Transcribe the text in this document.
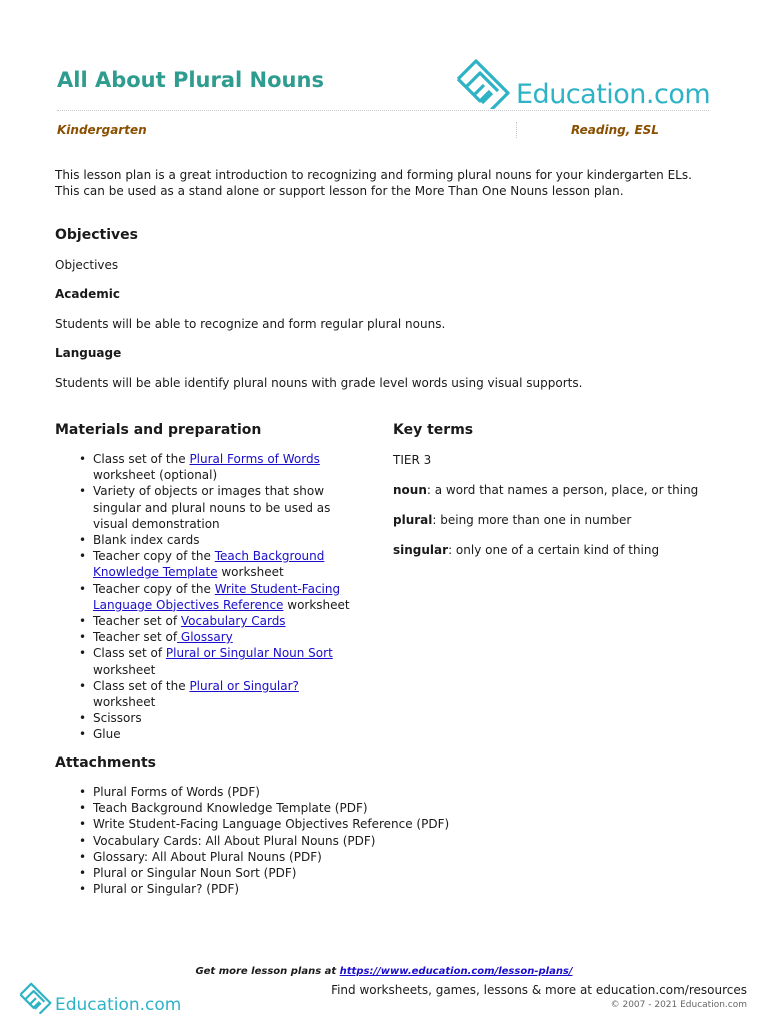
All About Plural Nouns	Education.com
Kindergarten	Reading, ESL

This lesson plan is a great introduction to recognizing and forming plural nouns for your kindergarten ELs. This can be used as a stand alone or support lesson for the More Than One Nouns lesson plan.

Objectives

Objectives

Academic

Students will be able to recognize and form regular plural nouns.

Language

Students will be able identify plural nouns with grade level words using visual supports.

Materials and preparation
• Class set of the Plural Forms of Words worksheet (optional)
• Variety of objects or images that show singular and plural nouns to be used as visual demonstration
• Blank index cards
• Teacher copy of the Teach Background Knowledge Template worksheet
• Teacher copy of the Write Student-Facing Language Objectives Reference worksheet
• Teacher set of Vocabulary Cards
• Teacher set of Glossary
• Class set of Plural or Singular Noun Sort worksheet
• Class set of the Plural or Singular? worksheet
• Scissors
• Glue
Key terms
TIER 3
noun: a word that names a person, place, or thing
plural: being more than one in number
singular: only one of a certain kind of thing
Attachments
• Plural Forms of Words (PDF)
• Teach Background Knowledge Template (PDF)
• Write Student-Facing Language Objectives Reference (PDF)
• Vocabulary Cards: All About Plural Nouns (PDF)
• Glossary: All About Plural Nouns (PDF)
• Plural or Singular Noun Sort (PDF)
• Plural or Singular? (PDF)
Get more lesson plans at https://www.education.com/lesson-plans/
Education.com
Find worksheets, games, lessons & more at education.com/resources
© 2007 - 2021 Education.com
